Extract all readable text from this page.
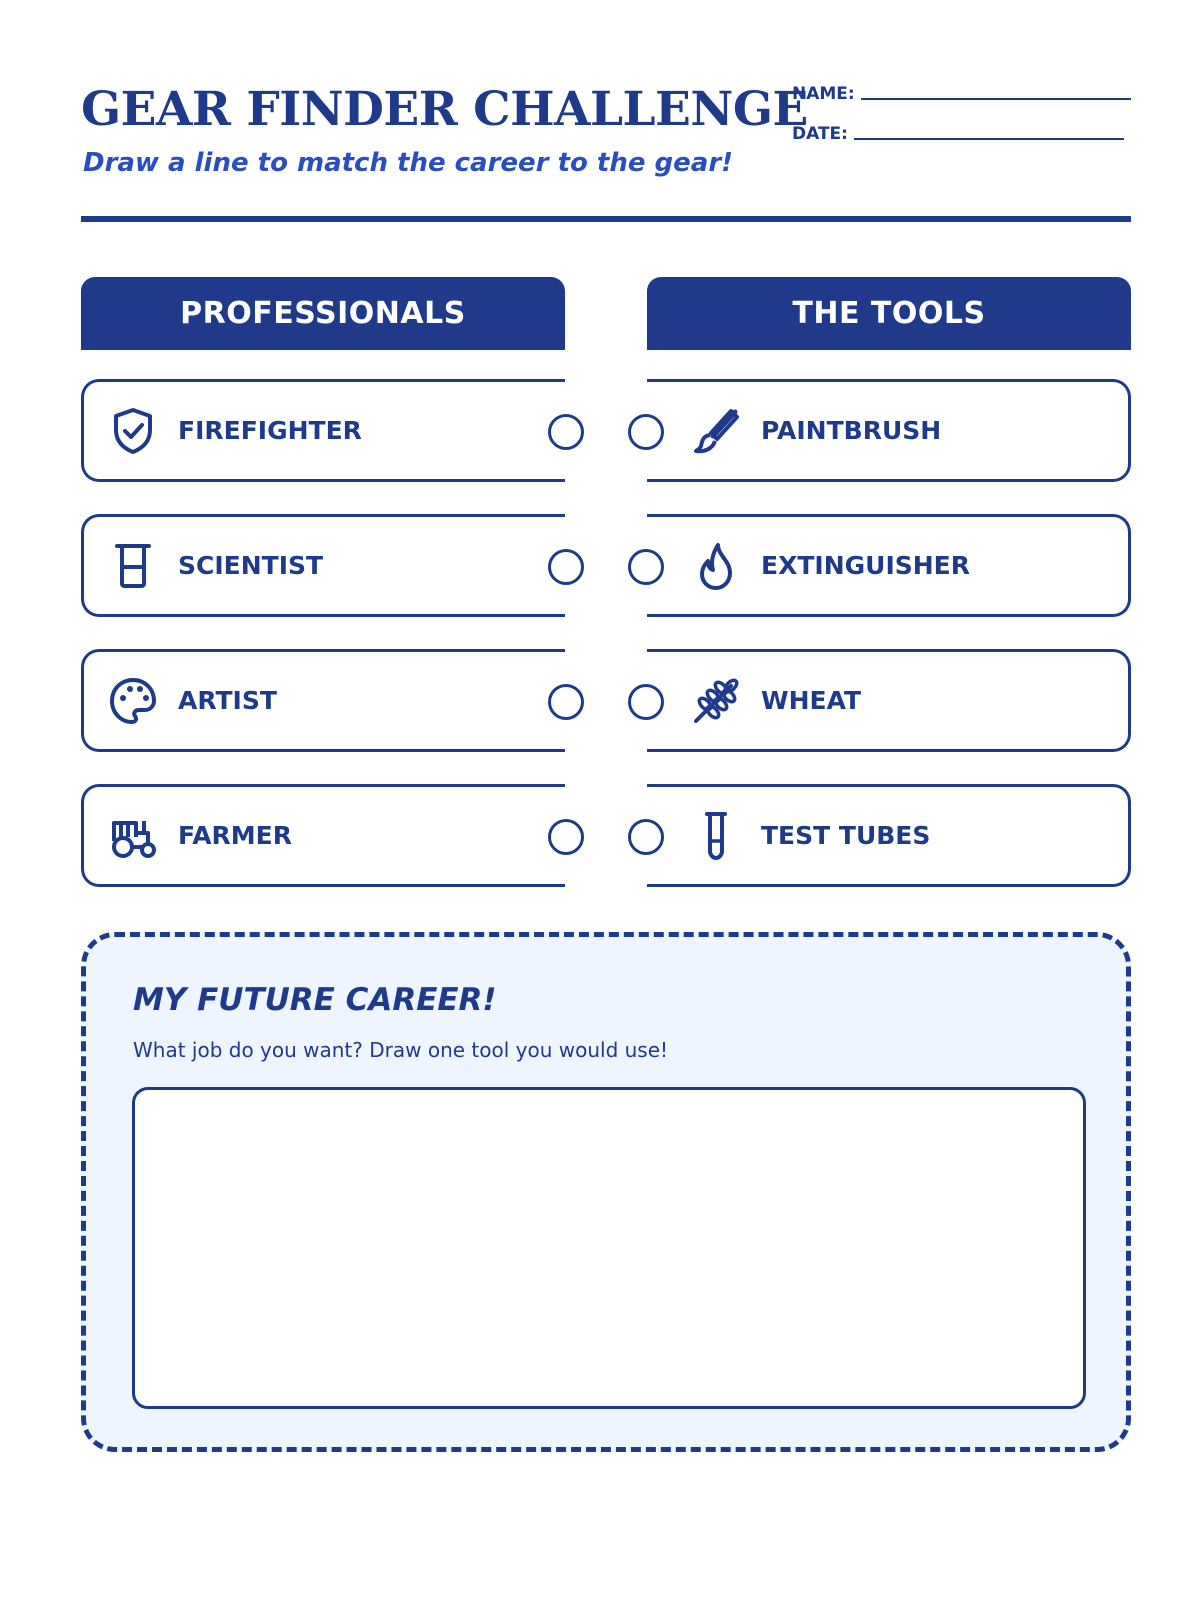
GEAR FINDER CHALLENGE
Draw a line to match the career to the gear!
NAME:
DATE:
PROFESSIONALS	THE TOOLS
FIREFIGHTER
SCIENTIST
ARTIST
FARMER
PAINTBRUSH
EXTINGUISHER
WHEAT
TEST TUBES
MY FUTURE CAREER!
What job do you want? Draw one tool you would use!
